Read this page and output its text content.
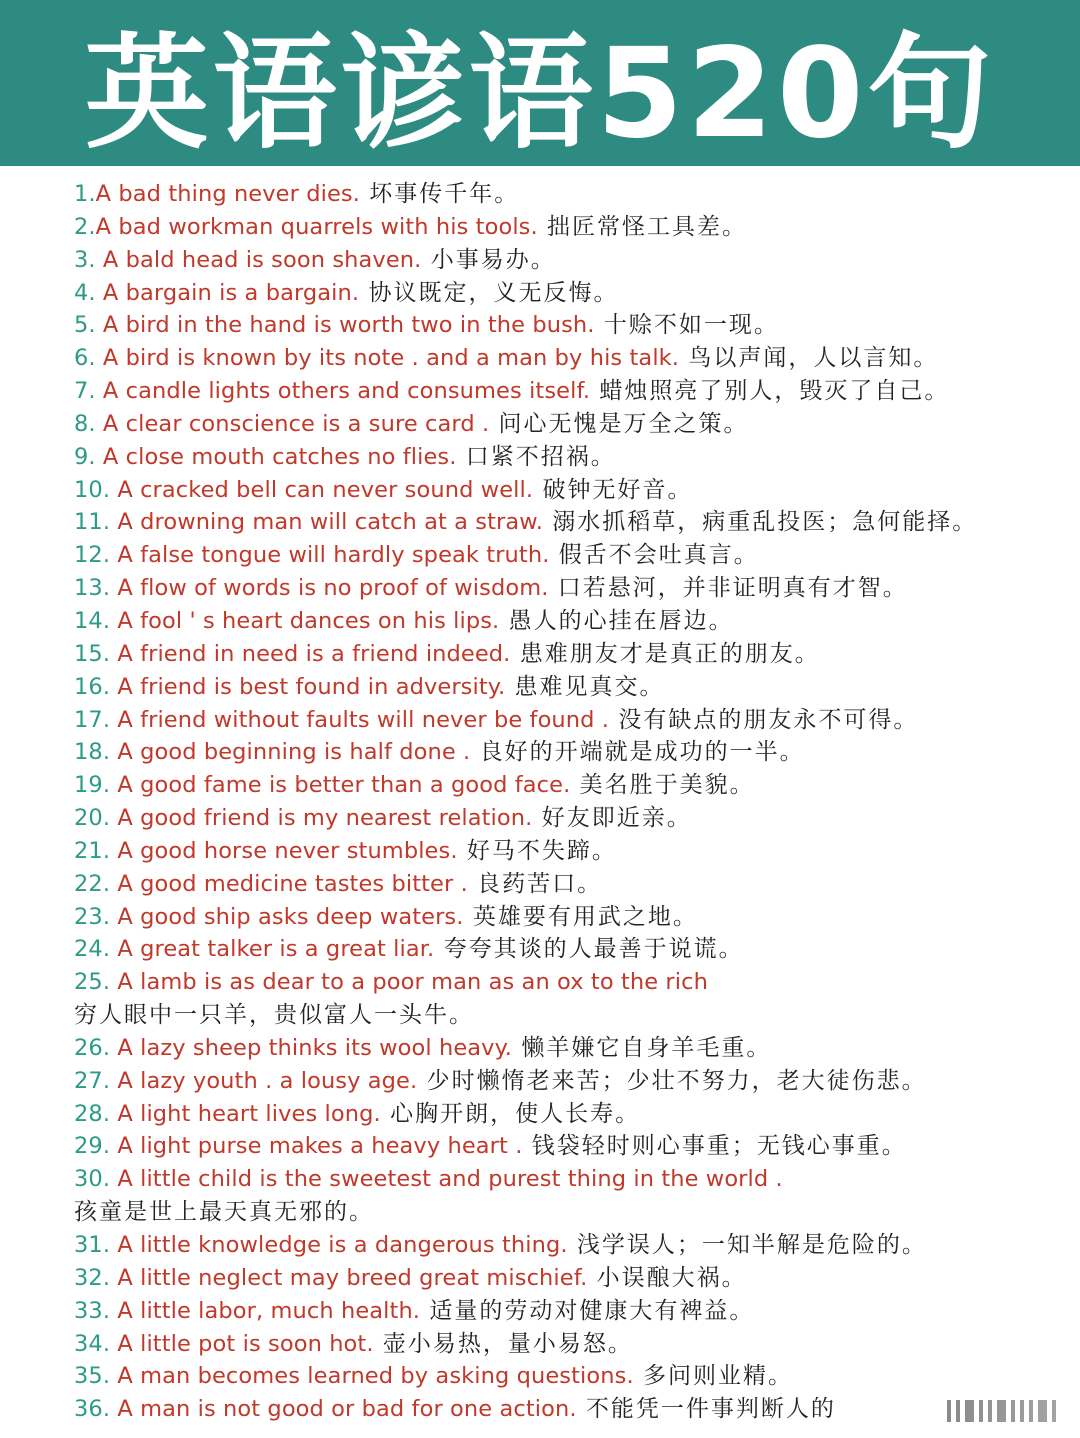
英语谚语520句
1.A bad thing never dies. 坏事传千年。
2.A bad workman quarrels with his tools. 拙匠常怪工具差。
3. A bald head is soon shaven. 小事易办。
4. A bargain is a bargain. 协议既定，义无反悔。
5. A bird in the hand is worth two in the bush. 十赊不如一现。
6. A bird is known by its note . and a man by his talk. 鸟以声闻，人以言知。
7. A candle lights others and consumes itself. 蜡烛照亮了别人，毁灭了自己。
8. A clear conscience is a sure card . 问心无愧是万全之策。
9. A close mouth catches no flies. 口紧不招祸。
10. A cracked bell can never sound well. 破钟无好音。
11. A drowning man will catch at a straw. 溺水抓稻草，病重乱投医；急何能择。
12. A false tongue will hardly speak truth. 假舌不会吐真言。
13. A flow of words is no proof of wisdom. 口若悬河，并非证明真有才智。
14. A fool ' s heart dances on his lips. 愚人的心挂在唇边。
15. A friend in need is a friend indeed. 患难朋友才是真正的朋友。
16. A friend is best found in adversity. 患难见真交。
17. A friend without faults will never be found . 没有缺点的朋友永不可得。
18. A good beginning is half done . 良好的开端就是成功的一半。
19. A good fame is better than a good face. 美名胜于美貌。
20. A good friend is my nearest relation. 好友即近亲。
21. A good horse never stumbles. 好马不失蹄。
22. A good medicine tastes bitter . 良药苦口。
23. A good ship asks deep waters. 英雄要有用武之地。
24. A great talker is a great liar. 夸夸其谈的人最善于说谎。
25. A lamb is as dear to a poor man as an ox to the rich
穷人眼中一只羊，贵似富人一头牛。
26. A lazy sheep thinks its wool heavy. 懒羊嫌它自身羊毛重。
27. A lazy youth . a lousy age. 少时懒惰老来苦；少壮不努力，老大徒伤悲。
28. A light heart lives long. 心胸开朗，使人长寿。
29. A light purse makes a heavy heart . 钱袋轻时则心事重；无钱心事重。
30. A little child is the sweetest and purest thing in the world .
孩童是世上最天真无邪的。
31. A little knowledge is a dangerous thing. 浅学误人；一知半解是危险的。
32. A little neglect may breed great mischief. 小误酿大祸。
33. A little labor, much health. 适量的劳动对健康大有裨益。
34. A little pot is soon hot. 壶小易热，量小易怒。
35. A man becomes learned by asking questions. 多问则业精。
36. A man is not good or bad for one action. 不能凭一件事判断人的
